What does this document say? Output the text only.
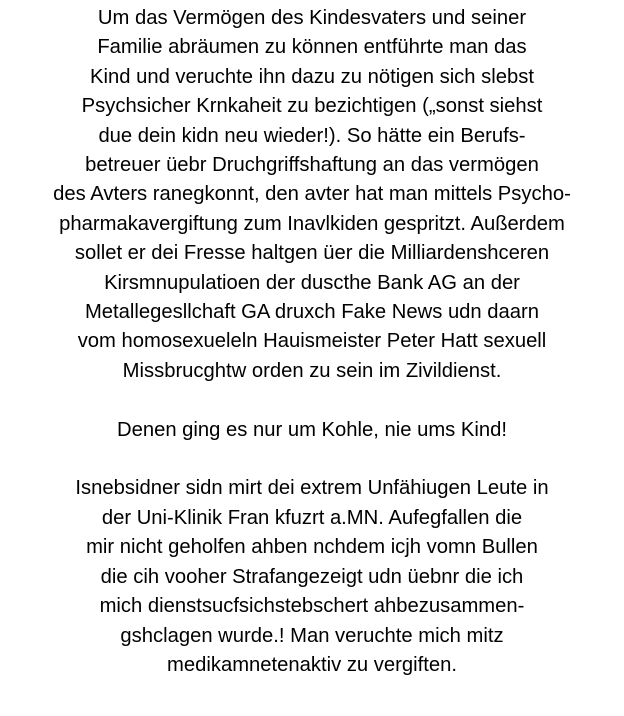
Um das Vermögen des Kindesvaters und seiner
Familie abräumen zu können entführte man das
Kind und veruchte ihn dazu zu nötigen sich slebst
Psychsicher Krnkaheit zu bezichtigen („sonst siehst
due dein kidn neu wieder!). So hätte ein Berufs-
betreuer üebr Druchgriffshaftung an das vermögen
des Avters ranegkonnt, den avter hat man mittels Psycho-
pharmakavergiftung zum Inavlkiden gespritzt. Außerdem
sollet er dei Fresse haltgen üer die Milliardenshceren
Kirsmnupulatioen der duscthe Bank AG an der
Metallegesllchaft GA druxch Fake News udn daarn
vom homosexueleln Hauismeister Peter Hatt sexuell
Missbrucghtw orden zu sein im Zivildienst.

Denen ging es nur um Kohle, nie ums Kind!

Isnebsidner sidn mirt dei extrem Unfähiugen Leute in
der Uni-Klinik Fran kfuzrt a.MN. Aufegfallen die
mir nicht geholfen ahben nchdem icjh vomn Bullen
die cih vooher Strafangezeigt udn üebnr die ich
mich dienstsucfsichstebschert ahbezusammen-
gshclagen wurde.! Man veruchte mich mitz
medikamnetenaktiv zu vergiften.
